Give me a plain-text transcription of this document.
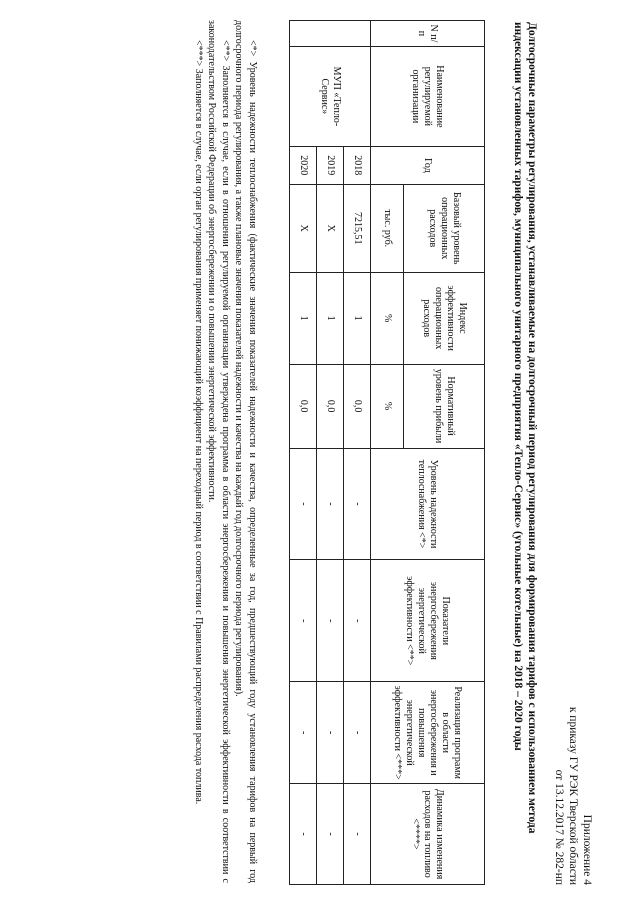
Приложение 4
к приказу ГУ РЭК Тверской области
от 13.12.2017 № 282-нп
Долгосрочные параметры регулирования, устанавливаемые на долгосрочный период регулирования для формирования тарифов с использованием метода индексации установленных тарифов, муниципального унитарного предприятия «Тепло-Сервис» (угольные котельные) на 2018 – 2020 годы
N п/п	Наименование регулируемой организации	Год	Базовый уровень операционных расходов	Индекс эффективности операционных расходов	Нормативный уровень прибыли	Уровень надежности теплоснабжения <*>	Показатели энергосбережения энергетической эффективности <**>	Реализация программ в области энергосбережения и повышения энергетической эффективности <***>	Динамика изменения расходов на топливо <****>
			тыс. руб.	%	%				
	МУП «Тепло-Сервис»	2018	7215,51	1	0,0	-	-	-	-
		2019	X	1	0,0	-	-	-	-
		2020	X	1	0,0	-	-	-	-

<*> Уровень надежности теплоснабжения (фактические значения показателей надежности и качества, определенные за год, предшествующий году установления тарифов на первый год долгосрочного периода регулирования, а также плановые значения показателей надежности и качества на каждый год долгосрочного периода регулирования).

<**> Заполняется в случае, если в отношении регулируемой организации утверждена программа в области энергосбережения и повышения энергетической эффективности в соответствии с законодательством Российской Федерации об энергосбережении и о повышении энергетической эффективности.

<***> Заполняется в случае, если орган регулирования применяет понижающий коэффициент на переходный период в соответствии с Правилами распределения расхода топлива.
